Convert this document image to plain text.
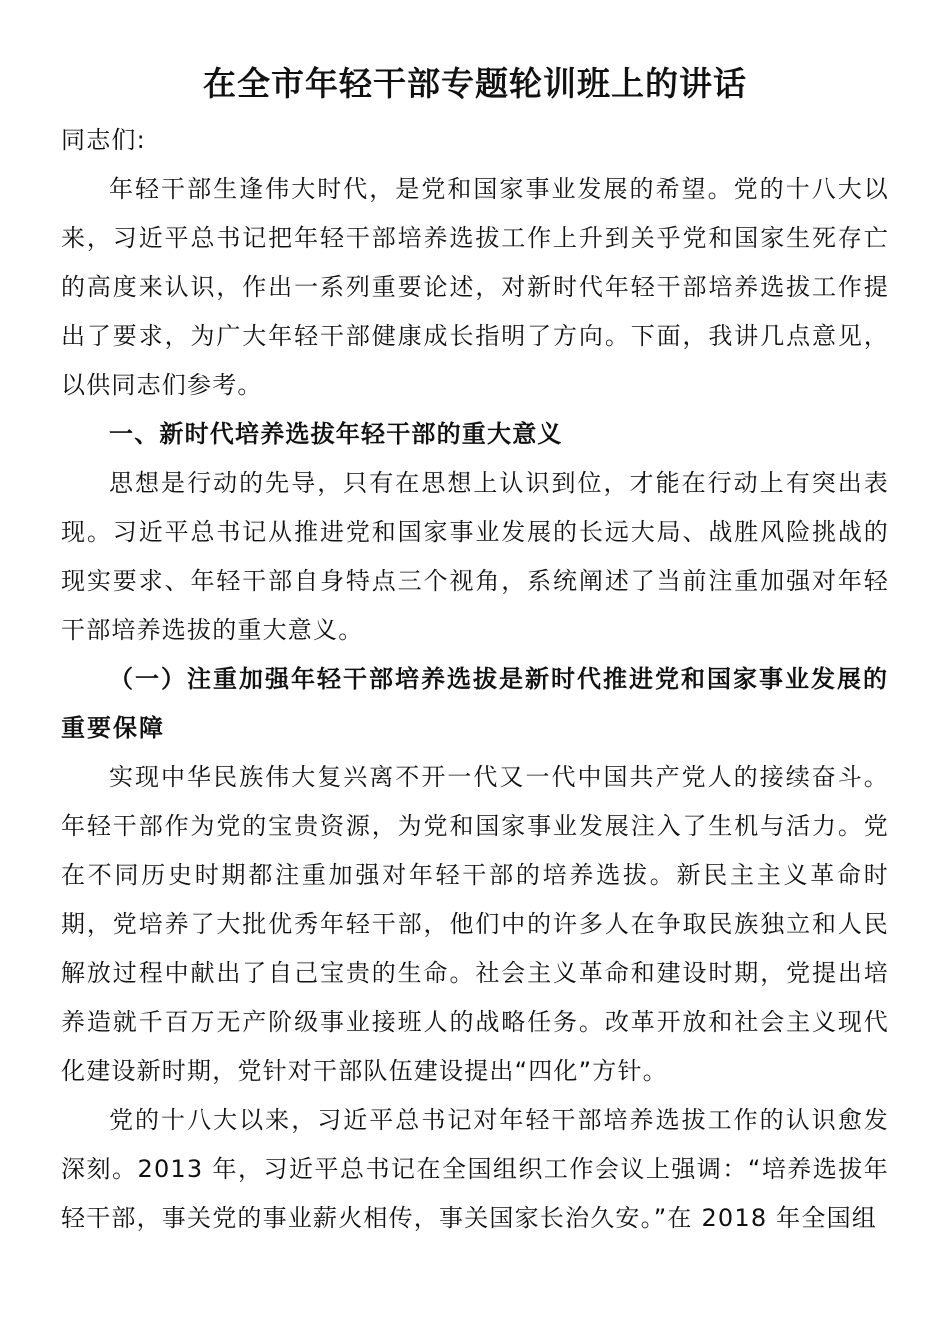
在全市年轻干部专题轮训班上的讲话

同志们:

年轻干部生逢伟大时代，是党和国家事业发展的希望。党的十八大以来，习近平总书记把年轻干部培养选拔工作上升到关乎党和国家生死存亡的高度来认识，作出一系列重要论述，对新时代年轻干部培养选拔工作提出了要求，为广大年轻干部健康成长指明了方向。下面，我讲几点意见，以供同志们参考。

一、新时代培养选拔年轻干部的重大意义

思想是行动的先导，只有在思想上认识到位，才能在行动上有突出表现。习近平总书记从推进党和国家事业发展的长远大局、战胜风险挑战的现实要求、年轻干部自身特点三个视角，系统阐述了当前注重加强对年轻干部培养选拔的重大意义。

（一）注重加强年轻干部培养选拔是新时代推进党和国家事业发展的重要保障

实现中华民族伟大复兴离不开一代又一代中国共产党人的接续奋斗。年轻干部作为党的宝贵资源，为党和国家事业发展注入了生机与活力。党在不同历史时期都注重加强对年轻干部的培养选拔。新民主主义革命时期，党培养了大批优秀年轻干部，他们中的许多人在争取民族独立和人民解放过程中献出了自己宝贵的生命。社会主义革命和建设时期，党提出培养造就千百万无产阶级事业接班人的战略任务。改革开放和社会主义现代化建设新时期，党针对干部队伍建设提出“四化”方针。

党的十八大以来，习近平总书记对年轻干部培养选拔工作的认识愈发深刻。2013 年，习近平总书记在全国组织工作会议上强调：“培养选拔年轻干部，事关党的事业薪火相传，事关国家长治久安。”在 2018 年全国组
